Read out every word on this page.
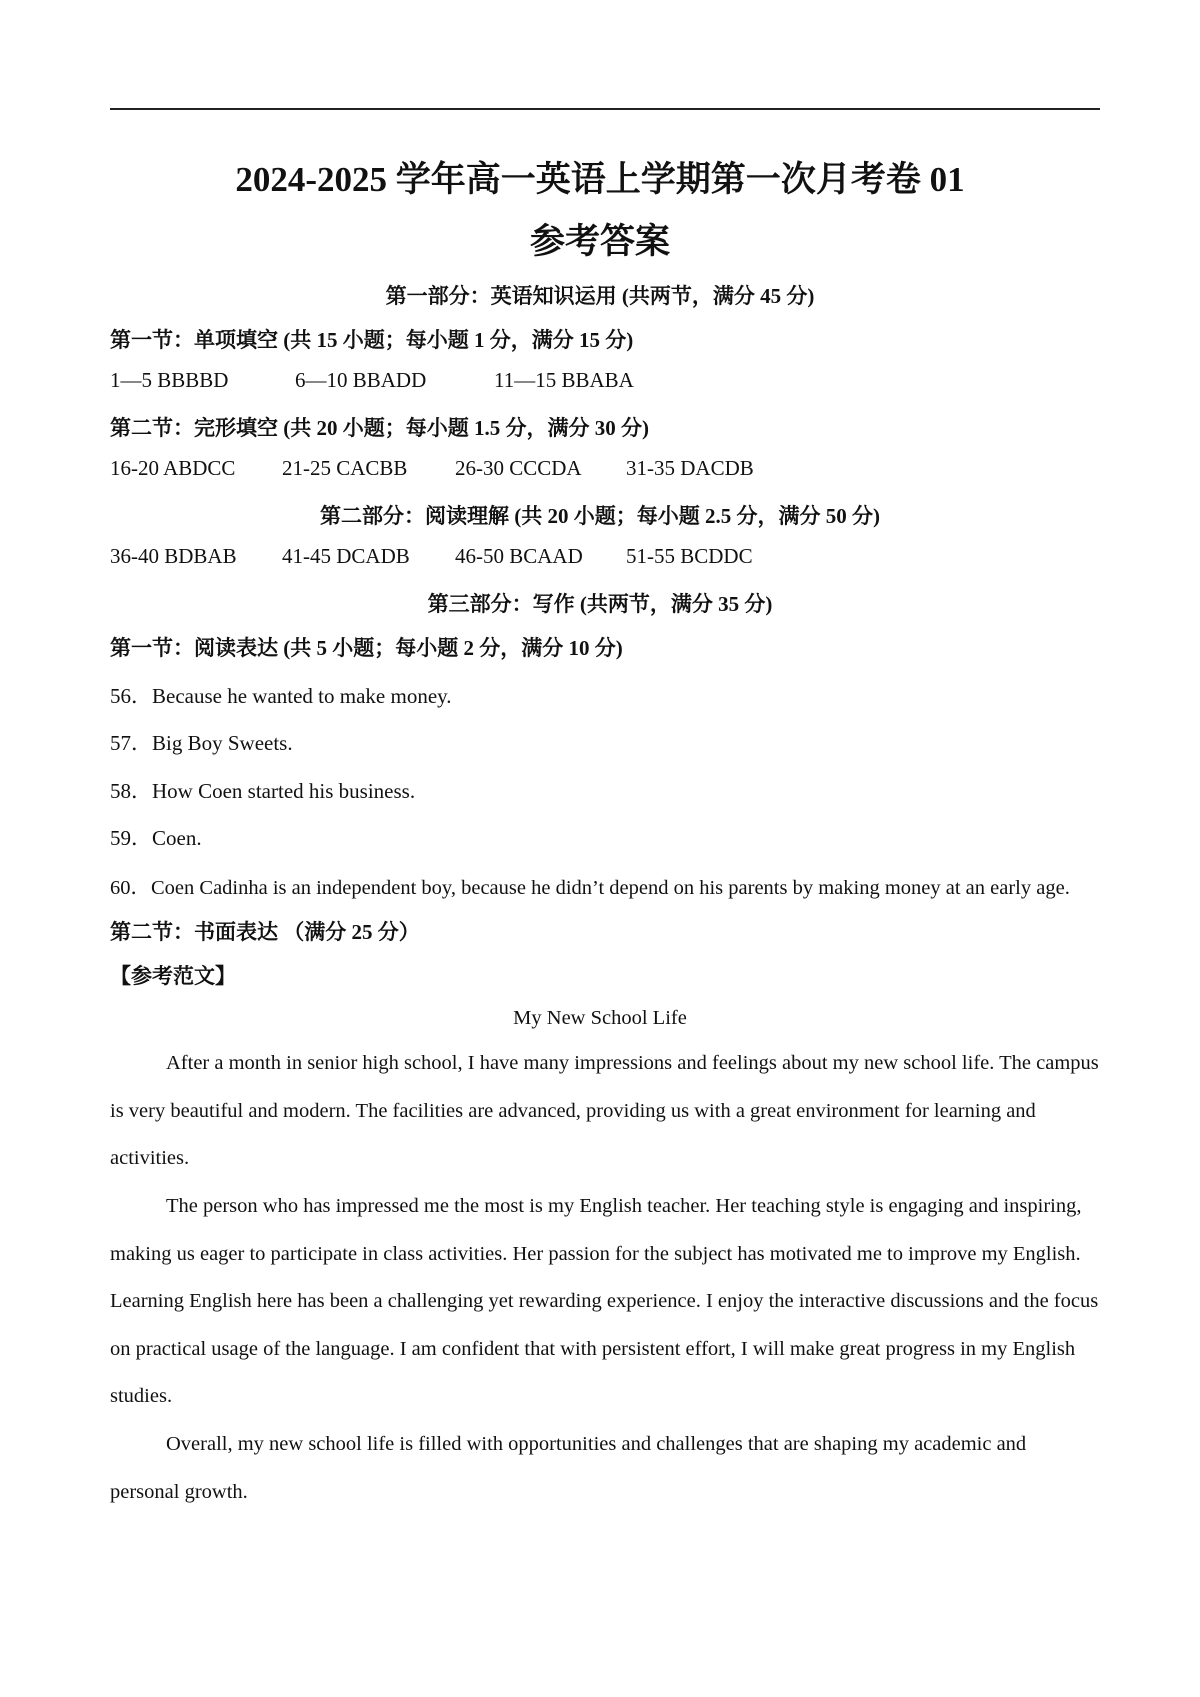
2024-2025 学年高一英语上学期第一次月考卷 01
参考答案
第一部分：英语知识运用 (共两节，满分 45 分)
第一节：单项填空 (共 15 小题；每小题 1 分，满分 15 分)
1—5 BBBBD	6—10 BBADD	11—15 BBABA
第二节：完形填空 (共 20 小题；每小题 1.5 分，满分 30 分)
16-20 ABDCC 21-25 CACBB 26-30 CCCDA 31-35 DACDB
第二部分：阅读理解 (共 20 小题；每小题 2.5 分，满分 50 分)
36-40 BDBAB 41-45 DCADB 46-50 BCAAD 51-55 BCDDC
第三部分：写作 (共两节，满分 35 分)
第一节：阅读表达 (共 5 小题；每小题 2 分，满分 10 分)
56．Because he wanted to make money.
57．Big Boy Sweets.
58．How Coen started his business.
59．Coen.
60．Coen Cadinha is an independent boy, because he didn’t depend on his parents by making money at an early age.
第二节：书面表达 （满分 25 分）
【参考范文】
My New School Life

After a month in senior high school, I have many impressions and feelings about my new school life. The campus is very beautiful and modern. The facilities are advanced, providing us with a great environment for learning and activities.

The person who has impressed me the most is my English teacher. Her teaching style is engaging and inspiring, making us eager to participate in class activities. Her passion for the subject has motivated me to improve my English. Learning English here has been a challenging yet rewarding experience. I enjoy the interactive discussions and the focus on practical usage of the language. I am confident that with persistent effort, I will make great progress in my English studies.

Overall, my new school life is filled with opportunities and challenges that are shaping my academic and personal growth.
